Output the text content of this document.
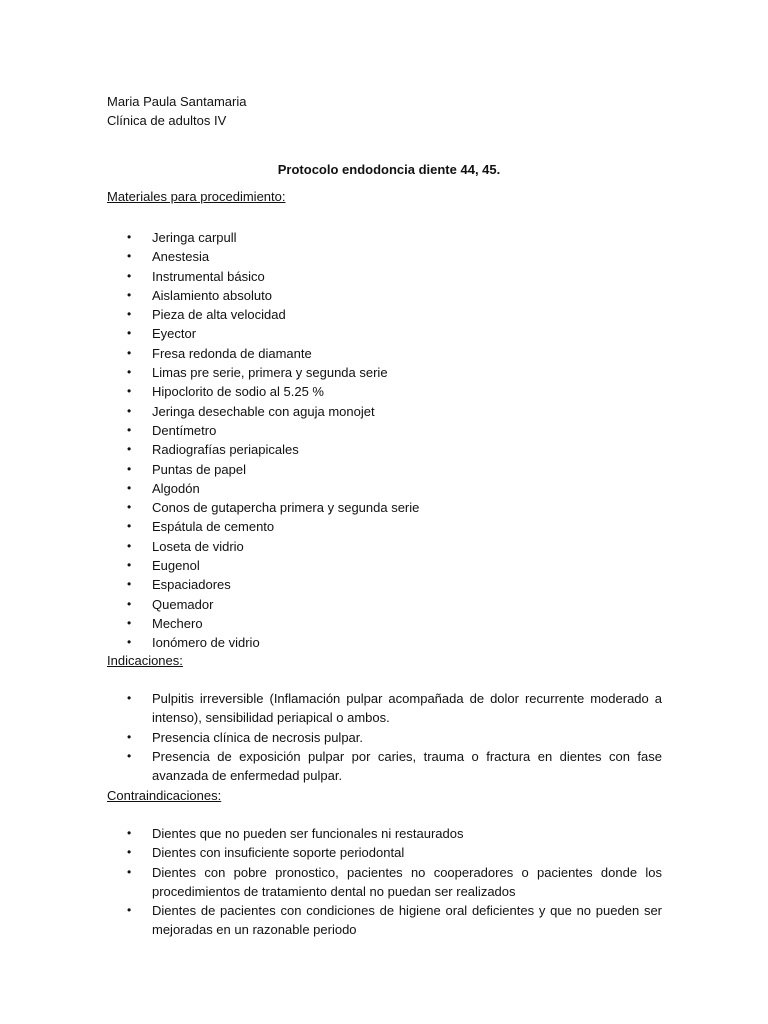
Maria Paula Santamaria
Clínica de adultos IV
Protocolo endodoncia diente 44, 45.
Materiales para procedimiento:
• Jeringa carpull
• Anestesia
• Instrumental básico
• Aislamiento absoluto
• Pieza de alta velocidad
• Eyector
• Fresa redonda de diamante
• Limas pre serie, primera y segunda serie
• Hipoclorito de sodio al 5.25 %
• Jeringa desechable con aguja monojet
• Dentímetro
• Radiografías periapicales
• Puntas de papel
• Algodón
• Conos de gutapercha primera y segunda serie
• Espátula de cemento
• Loseta de vidrio
• Eugenol
• Espaciadores
• Quemador
• Mechero
• Ionómero de vidrio
Indicaciones:
• Pulpitis irreversible (Inflamación pulpar acompañada de dolor recurrente moderado a intenso), sensibilidad periapical o ambos.
• Presencia clínica de necrosis pulpar.
• Presencia de exposición pulpar por caries, trauma o fractura en dientes con fase avanzada de enfermedad pulpar.
Contraindicaciones:
• Dientes que no pueden ser funcionales ni restaurados
• Dientes con insuficiente soporte periodontal
• Dientes con pobre pronostico, pacientes no cooperadores o pacientes donde los procedimientos de tratamiento dental no puedan ser realizados
• Dientes de pacientes con condiciones de higiene oral deficientes y que no pueden ser mejoradas en un razonable periodo
